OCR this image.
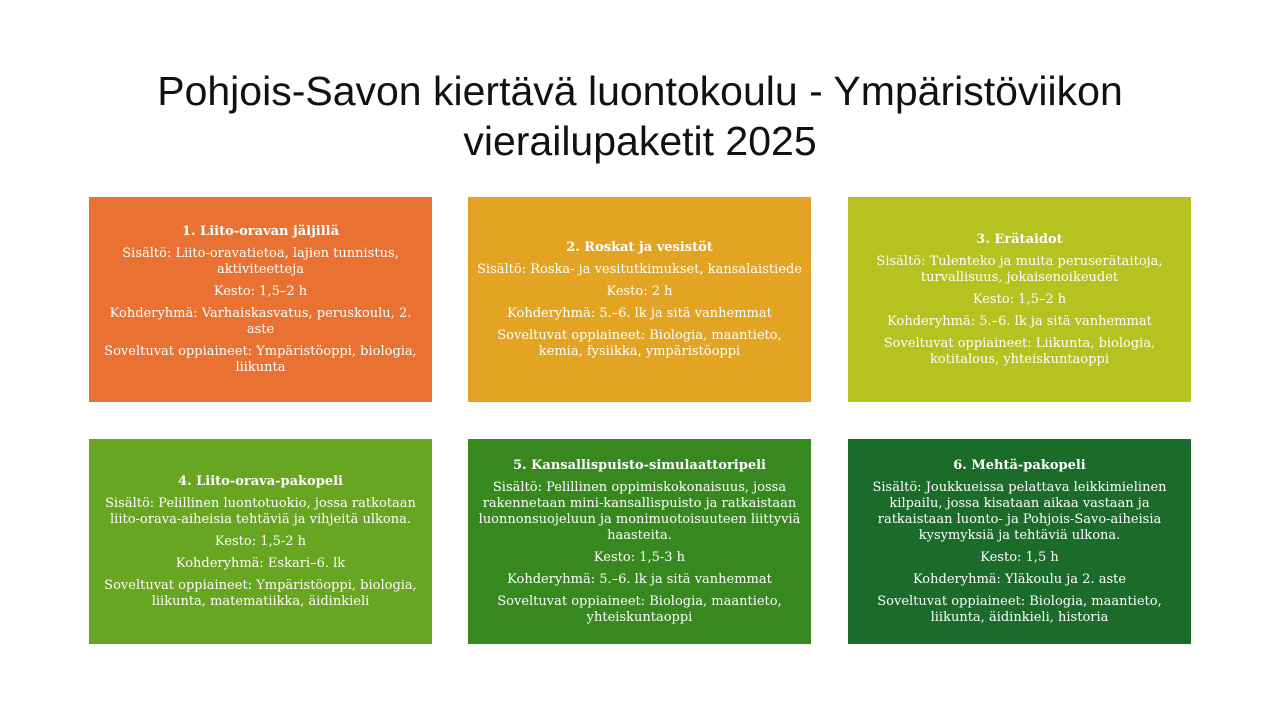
Pohjois-Savon kiertävä luontokoulu - Ympäristöviikon
vierailupaketit 2025
1. Liito-oravan jäljillä
Sisältö: Liito-oravatietoa, lajien tunnistus, aktiviteetteja
Kesto: 1,5–2 h
Kohderyhmä: Varhaiskasvatus, peruskoulu, 2. aste
Soveltuvat oppiaineet: Ympäristöoppi, biologia, liikunta
2. Roskat ja vesistöt
Sisältö: Roska- ja vesitutkimukset, kansalaistiede
Kesto: 2 h
Kohderyhmä: 5.–6. lk ja sitä vanhemmat
Soveltuvat oppiaineet: Biologia, maantieto, kemia, fysiikka, ympäristöoppi
3. Erätaidot
Sisältö: Tulenteko ja muita peruserätaitoja, turvallisuus, jokaisenoikeudet
Kesto: 1,5–2 h
Kohderyhmä: 5.–6. lk ja sitä vanhemmat
Soveltuvat oppiaineet: Liikunta, biologia, kotitalous, yhteiskuntaoppi
4. Liito-orava-pakopeli
Sisältö: Pelillinen luontotuokio, jossa ratkotaan liito-orava-aiheisia tehtäviä ja vihjeitä ulkona.
Kesto: 1,5-2 h
Kohderyhmä: Eskari–6. lk
Soveltuvat oppiaineet: Ympäristöoppi, biologia, liikunta, matematiikka, äidinkieli
5. Kansallispuisto-simulaattoripeli
Sisältö: Pelillinen oppimiskokonaisuus, jossa rakennetaan mini-kansallispuisto ja ratkaistaan luonnonsuojeluun ja monimuotoisuuteen liittyviä haasteita.
Kesto: 1,5-3 h
Kohderyhmä: 5.–6. lk ja sitä vanhemmat
Soveltuvat oppiaineet: Biologia, maantieto, yhteiskuntaoppi
6. Mehtä-pakopeli
Sisältö: Joukkueissa pelattava leikkimielinen kilpailu, jossa kisataan aikaa vastaan ja ratkaistaan luonto- ja Pohjois-Savo-aiheisia kysymyksiä ja tehtäviä ulkona.
Kesto: 1,5 h
Kohderyhmä: Yläkoulu ja 2. aste
Soveltuvat oppiaineet: Biologia, maantieto, liikunta, äidinkieli, historia
